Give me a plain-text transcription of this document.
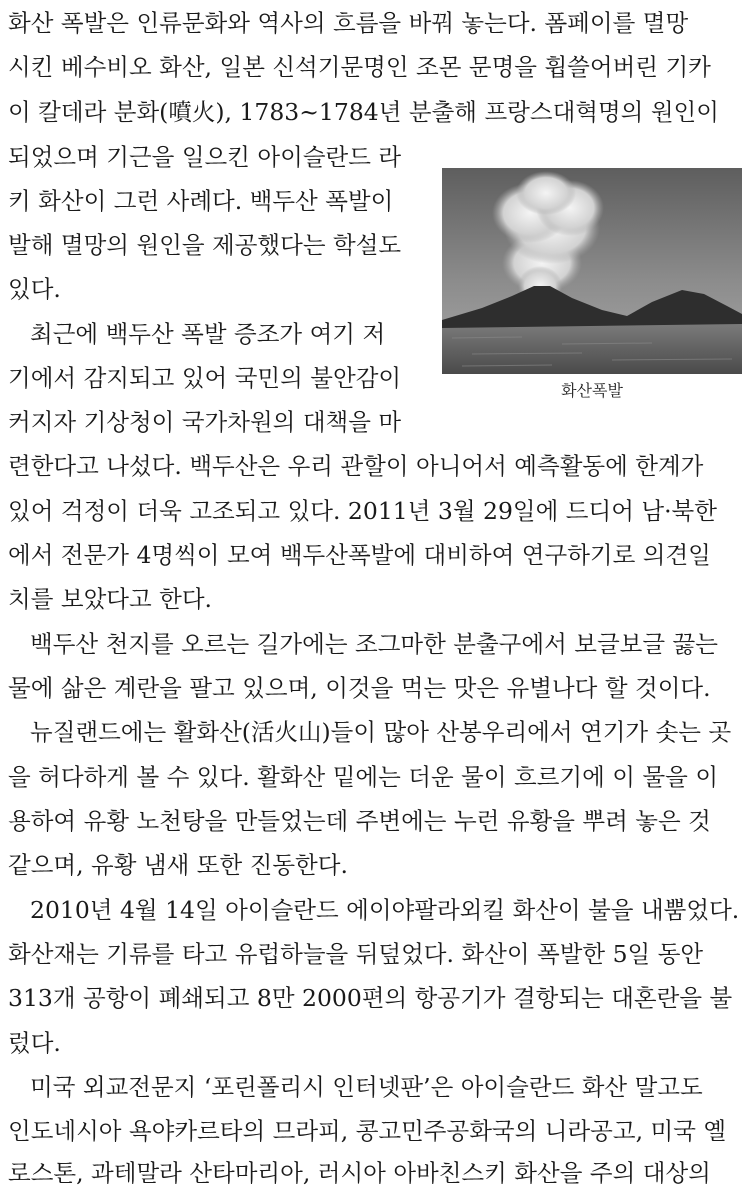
화산 폭발은 인류문화와 역사의 흐름을 바꿔 놓는다. 폼페이를 멸망
시킨 베수비오 화산, 일본 신석기문명인 조몬 문명을 휩쓸어버린 기카
이 칼데라 분화(噴火), 1783~1784년 분출해 프랑스대혁명의 원인이
되었으며 기근을 일으킨 아이슬란드 라
키 화산이 그런 사례다. 백두산 폭발이
발해 멸망의 원인을 제공했다는 학설도
있다.
최근에 백두산 폭발 증조가 여기 저
기에서 감지되고 있어 국민의 불안감이
커지자 기상청이 국가차원의 대책을 마
련한다고 나섰다. 백두산은 우리 관할이 아니어서 예측활동에 한계가
있어 걱정이 더욱 고조되고 있다. 2011년 3월 29일에 드디어 남·북한
에서 전문가 4명씩이 모여 백두산폭발에 대비하여 연구하기로 의견일
치를 보았다고 한다.
백두산 천지를 오르는 길가에는 조그마한 분출구에서 보글보글 끓는
물에 삶은 계란을 팔고 있으며, 이것을 먹는 맛은 유별나다 할 것이다.
뉴질랜드에는 활화산(活火山)들이 많아 산봉우리에서 연기가 솟는 곳
을 허다하게 볼 수 있다. 활화산 밑에는 더운 물이 흐르기에 이 물을 이
용하여 유황 노천탕을 만들었는데 주변에는 누런 유황을 뿌려 놓은 것
같으며, 유황 냄새 또한 진동한다.
2010년 4월 14일 아이슬란드 에이야팔라외킬 화산이 불을 내뿜었다.
화산재는 기류를 타고 유럽하늘을 뒤덮었다. 화산이 폭발한 5일 동안
313개 공항이 폐쇄되고 8만 2000편의 항공기가 결항되는 대혼란을 불
렀다.
미국 외교전문지 ‘포린폴리시 인터넷판’은 아이슬란드 화산 말고도
인도네시아 욕야카르타의 므라피, 콩고민주공화국의 니라공고, 미국 옐
로스톤, 과테말라 산타마리아, 러시아 아바친스키 화산을 주의 대상의
화산폭발
